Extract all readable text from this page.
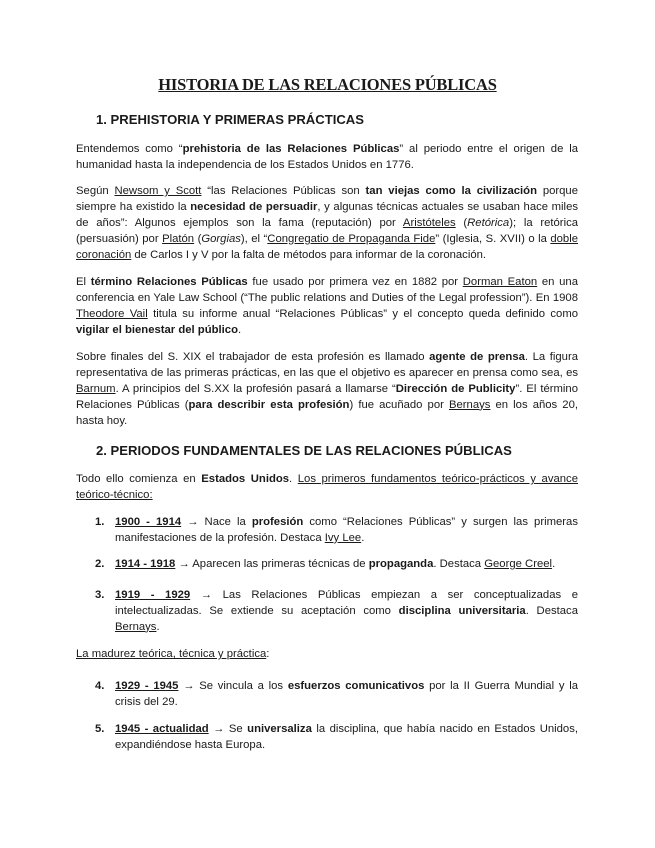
HISTORIA DE LAS RELACIONES PÚBLICAS
1. PREHISTORIA Y PRIMERAS PRÁCTICAS

Entendemos como “prehistoria de las Relaciones Públicas” al periodo entre el origen de la humanidad hasta la independencia de los Estados Unidos en 1776.

Según Newsom y Scott “las Relaciones Públicas son tan viejas como la civilización porque siempre ha existido la necesidad de persuadir, y algunas técnicas actuales se usaban hace miles de años”: Algunos ejemplos son la fama (reputación) por Aristóteles (Retórica); la retórica (persuasión) por Platón (Gorgias), el “Congregatio de Propaganda Fide” (Iglesia, S. XVII) o la doble coronación de Carlos I y V por la falta de métodos para informar de la coronación.

El término Relaciones Públicas fue usado por primera vez en 1882 por Dorman Eaton en una conferencia en Yale Law School (“The public relations and Duties of the Legal profession”). En 1908 Theodore Vail titula su informe anual “Relaciones Públicas” y el concepto queda definido como vigilar el bienestar del público.

Sobre finales del S. XIX el trabajador de esta profesión es llamado agente de prensa. La figura representativa de las primeras prácticas, en las que el objetivo es aparecer en prensa como sea, es Barnum. A principios del S.XX la profesión pasará a llamarse “Dirección de Publicity”. El término Relaciones Públicas (para describir esta profesión) fue acuñado por Bernays en los años 20, hasta hoy.

2. PERIODOS FUNDAMENTALES DE LAS RELACIONES PÚBLICAS

Todo ello comienza en Estados Unidos. Los primeros fundamentos teórico-prácticos y avance teórico-técnico:

1. 1900 - 1914 → Nace la profesión como “Relaciones Públicas” y surgen las primeras manifestaciones de la profesión. Destaca Ivy Lee.
2. 1914 - 1918 → Aparecen las primeras técnicas de propaganda. Destaca George Creel.
3. 1919 - 1929 → Las Relaciones Públicas empiezan a ser conceptualizadas e intelectualizadas. Se extiende su aceptación como disciplina universitaria. Destaca Bernays.

La madurez teórica, técnica y práctica:

4. 1929 - 1945 → Se vincula a los esfuerzos comunicativos por la II Guerra Mundial y la crisis del 29.
5. 1945 - actualidad → Se universaliza la disciplina, que había nacido en Estados Unidos, expandiéndose hasta Europa.
